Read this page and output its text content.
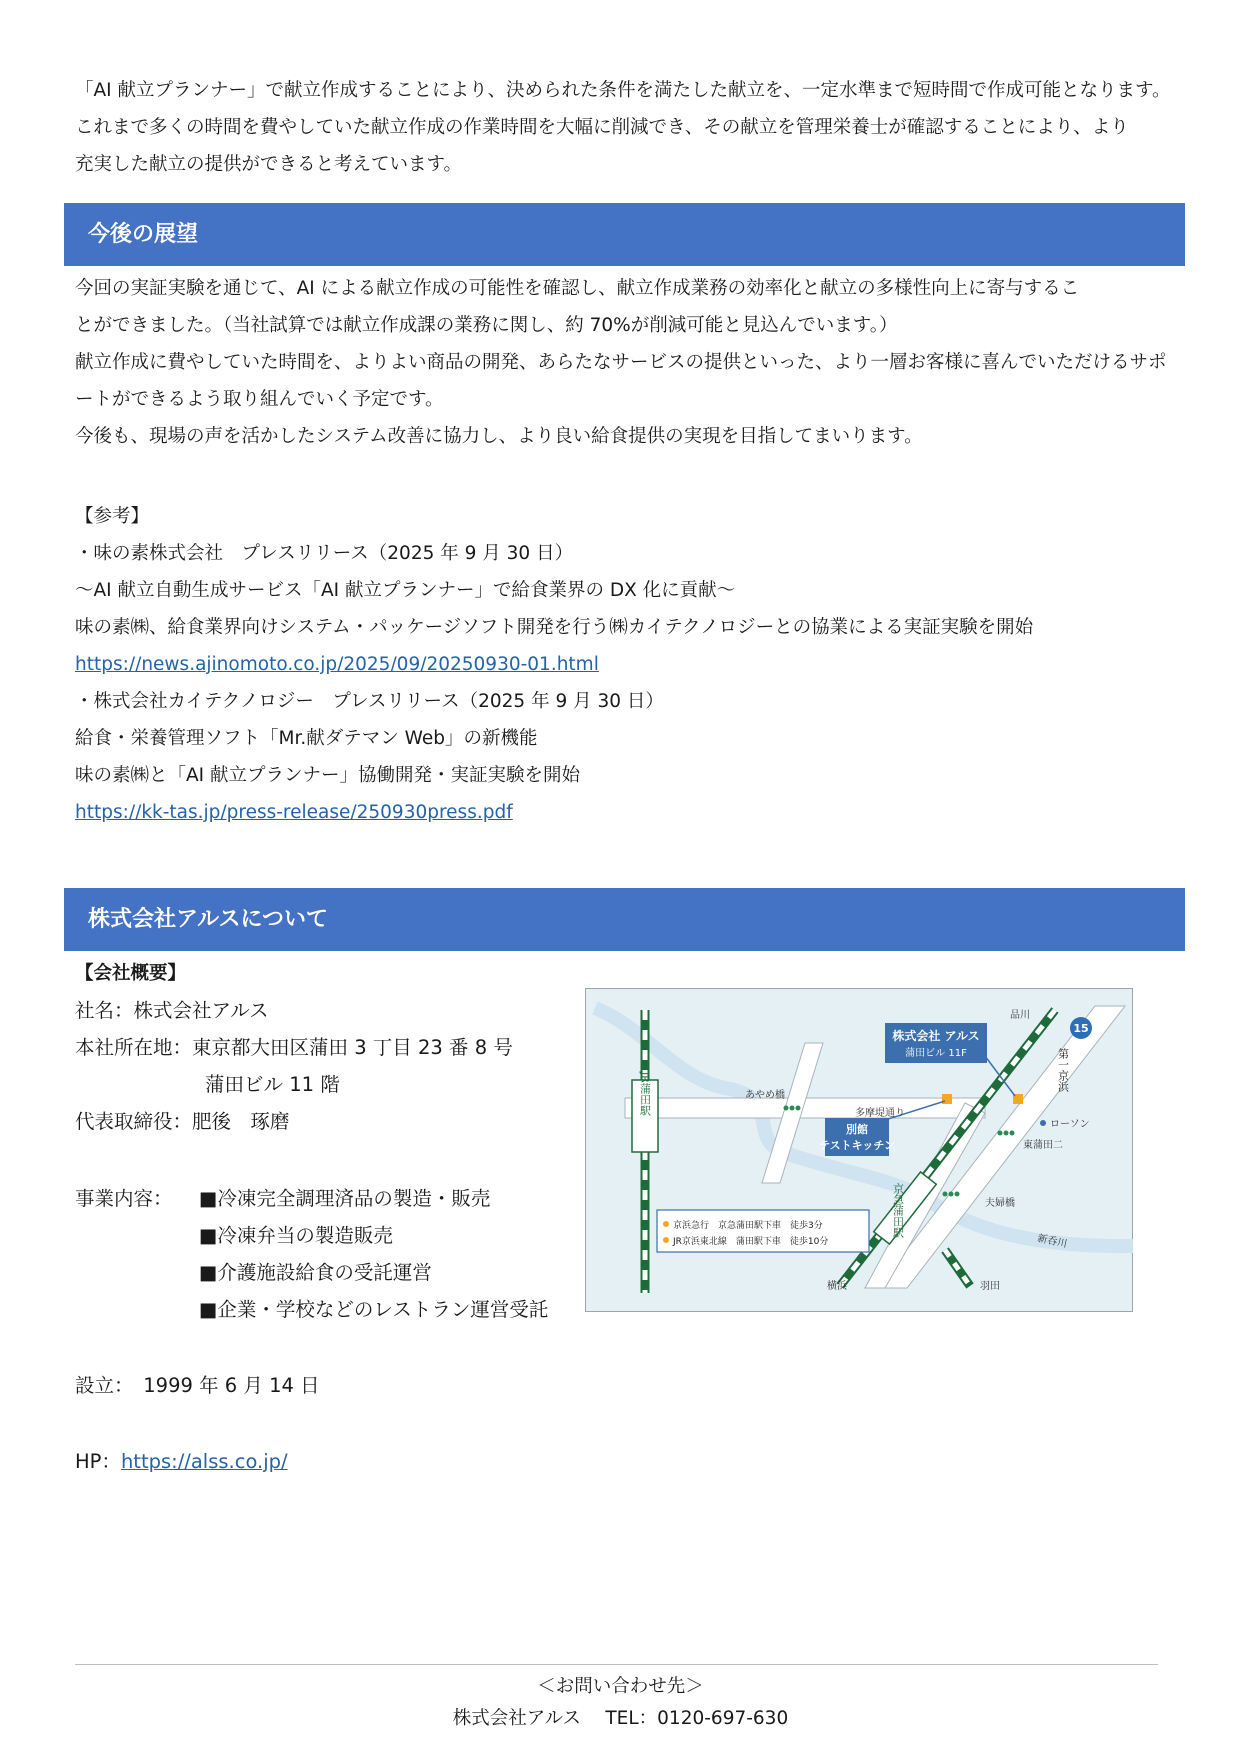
「AI 献立プランナー」で献立作成することにより、決められた条件を満たした献立を、一定水準まで短時間で作成可能となります。
これまで多くの時間を費やしていた献立作成の作業時間を大幅に削減でき、その献立を管理栄養士が確認することにより、より
充実した献立の提供ができると考えています。
今後の展望
今回の実証実験を通じて、AI による献立作成の可能性を確認し、献立作成業務の効率化と献立の多様性向上に寄与するこ
とができました。（当社試算では献立作成課の業務に関し、約 70%が削減可能と見込んでいます。）
献立作成に費やしていた時間を、よりよい商品の開発、あらたなサービスの提供といった、より一層お客様に喜んでいただけるサポ
ートができるよう取り組んでいく予定です。
今後も、現場の声を活かしたシステム改善に協力し、より良い給食提供の実現を目指してまいります。
【参考】
・味の素株式会社　プレスリリース（2025 年 9 月 30 日）
～AI 献立自動生成サービス「AI 献立プランナー」で給食業界の DX 化に貢献～
味の素㈱、給食業界向けシステム・パッケージソフト開発を行う㈱カイテクノロジーとの協業による実証実験を開始
https://news.ajinomoto.co.jp/2025/09/20250930-01.html
・株式会社カイテクノロジー　プレスリリース（2025 年 9 月 30 日）
給食・栄養管理ソフト「Mr.献ダテマン Web」の新機能
味の素㈱と「AI 献立プランナー」協働開発・実証実験を開始
https://kk-tas.jp/press-release/250930press.pdf
株式会社アルスについて
【会社概要】
社名：株式会社アルス
本社所在地：東京都大田区蒲田 3 丁目 23 番 8 号
蒲田ビル 11 階
代表取締役：肥後　琢磨
事業内容： ■冷凍完全調理済品の製造・販売
■冷凍弁当の製造販売
■介護施設給食の受託運営
■企業・学校などのレストラン運営受託
設立：　1999 年 6 月 14 日
HP：https://alss.co.jp/
JR蒲田駅
京急蒲田駅
株式会社 アルス
蒲田ビル 11F
別館
テストキッチン
15
第一京浜
多摩堤通り
あやめ橋
品川
ローソン
東蒲田二
夫婦橋
新呑川
横浜	羽田
京浜急行　京急蒲田駅下車　徒歩3分
JR京浜東北線　蒲田駅下車　徒歩10分
＜お問い合わせ先＞
株式会社アルス　 TEL：0120-697-630
